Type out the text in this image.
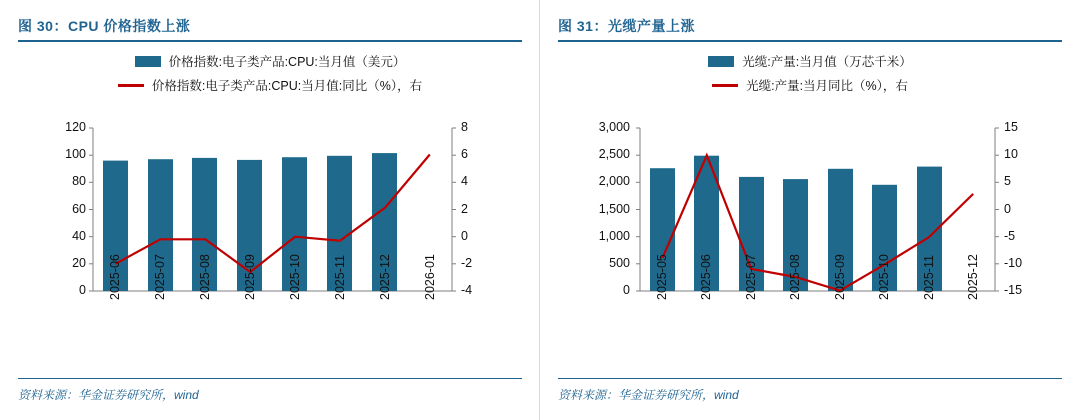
图 30：CPU 价格指数上涨
价格指数:电子类产品:CPU:当月值（美元）
价格指数:电子类产品:CPU:当月值:同比（%），右
120
100
80
60
40
20
0
8
6
4
2
0
-2
-4
2025-06 2025-07 2025-08 2025-09 2025-10 2025-11 2025-12 2026-01
资料来源：华金证券研究所，wind
图 31：光缆产量上涨
光缆:产量:当月值（万芯千米）
光缆:产量:当月同比（%），右
3,000
2,500
2,000
1,500
1,000
500
0
15
10
5
0
-5
-10
-15
2025-05 2025-06 2025-07 2025-08 2025-09 2025-10 2025-11 2025-12
资料来源：华金证券研究所，wind
